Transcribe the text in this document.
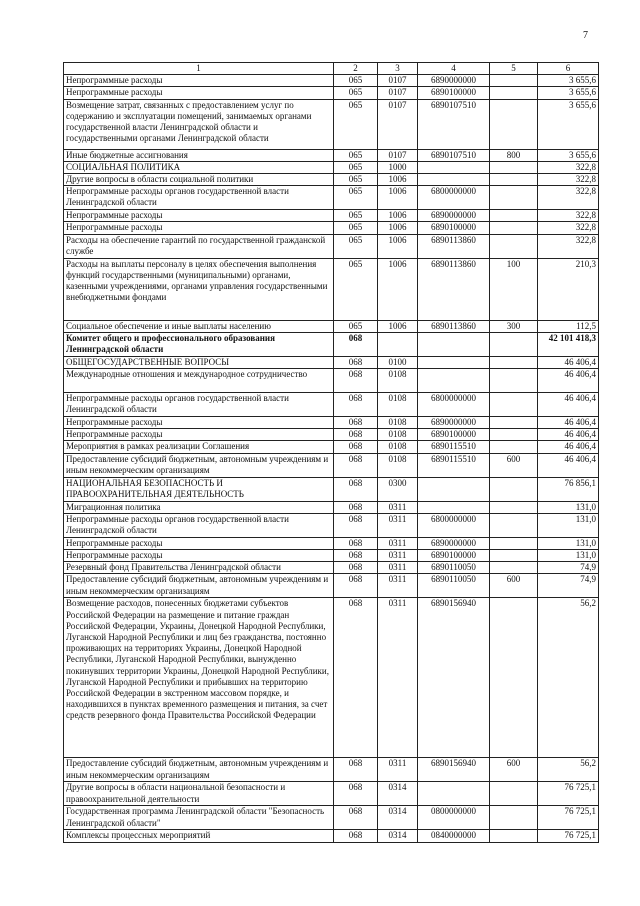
7
1	2	3	4	5	6
Непрограммные расходы	065	0107	6890000000		3 655,6
Непрограммные расходы	065	0107	6890100000		3 655,6
Возмещение затрат, связанных с предоставлением услуг по содержанию и эксплуатации помещений, занимаемых органами государственной власти Ленинградской области и государственными органами Ленинградской области	065	0107	6890107510		3 655,6
Иные бюджетные ассигнования	065	0107	6890107510	800	3 655,6
СОЦИАЛЬНАЯ ПОЛИТИКА	065	1000			322,8
Другие вопросы в области социальной политики	065	1006			322,8
Непрограммные расходы органов государственной власти Ленинградской области	065	1006	6800000000		322,8
Непрограммные расходы	065	1006	6890000000		322,8
Непрограммные расходы	065	1006	6890100000		322,8
Расходы на обеспечение гарантий по государственной гражданской службе	065	1006	6890113860		322,8
Расходы на выплаты персоналу в целях обеспечения выполнения функций государственными (муниципальными) органами, казенными учреждениями, органами управления государственными внебюджетными фондами	065	1006	6890113860	100	210,3
Социальное обеспечение и иные выплаты населению	065	1006	6890113860	300	112,5
Комитет общего и профессионального образования Ленинградской области	068				42 101 418,3
ОБЩЕГОСУДАРСТВЕННЫЕ ВОПРОСЫ	068	0100			46 406,4
Международные отношения и международное сотрудничество	068	0108			46 406,4
Непрограммные расходы органов государственной власти Ленинградской области	068	0108	6800000000		46 406,4
Непрограммные расходы	068	0108	6890000000		46 406,4
Непрограммные расходы	068	0108	6890100000		46 406,4
Мероприятия в рамках реализации Соглашения	068	0108	6890115510		46 406,4
Предоставление субсидий бюджетным, автономным учреждениям и иным некоммерческим организациям	068	0108	6890115510	600	46 406,4
НАЦИОНАЛЬНАЯ БЕЗОПАСНОСТЬ И ПРАВООХРАНИТЕЛЬНАЯ ДЕЯТЕЛЬНОСТЬ	068	0300			76 856,1
Миграционная политика	068	0311			131,0
Непрограммные расходы органов государственной власти Ленинградской области	068	0311	6800000000		131,0
Непрограммные расходы	068	0311	6890000000		131,0
Непрограммные расходы	068	0311	6890100000		131,0
Резервный фонд Правительства Ленинградской области	068	0311	6890110050		74,9
Предоставление субсидий бюджетным, автономным учреждениям и иным некоммерческим организациям	068	0311	6890110050	600	74,9
Возмещение расходов, понесенных бюджетами субъектов Российской Федерации на размещение и питание граждан Российской Федерации, Украины, Донецкой Народной Республики, Луганской Народной Республики и лиц без гражданства, постоянно проживающих на территориях Украины, Донецкой Народной Республики, Луганской Народной Республики, вынужденно покинувших территории Украины, Донецкой Народной Республики, Луганской Народной Республики и прибывших на территорию Российской Федерации в экстренном массовом порядке, и находившихся в пунктах временного размещения и питания, за счет средств резервного фонда Правительства Российской Федерации	068	0311	6890156940		56,2
Предоставление субсидий бюджетным, автономным учреждениям и иным некоммерческим организациям	068	0311	6890156940	600	56,2
Другие вопросы в области национальной безопасности и правоохранительной деятельности	068	0314			76 725,1
Государственная программа Ленинградской области "Безопасность Ленинградской области"	068	0314	0800000000		76 725,1
Комплексы процессных мероприятий	068	0314	0840000000		76 725,1
